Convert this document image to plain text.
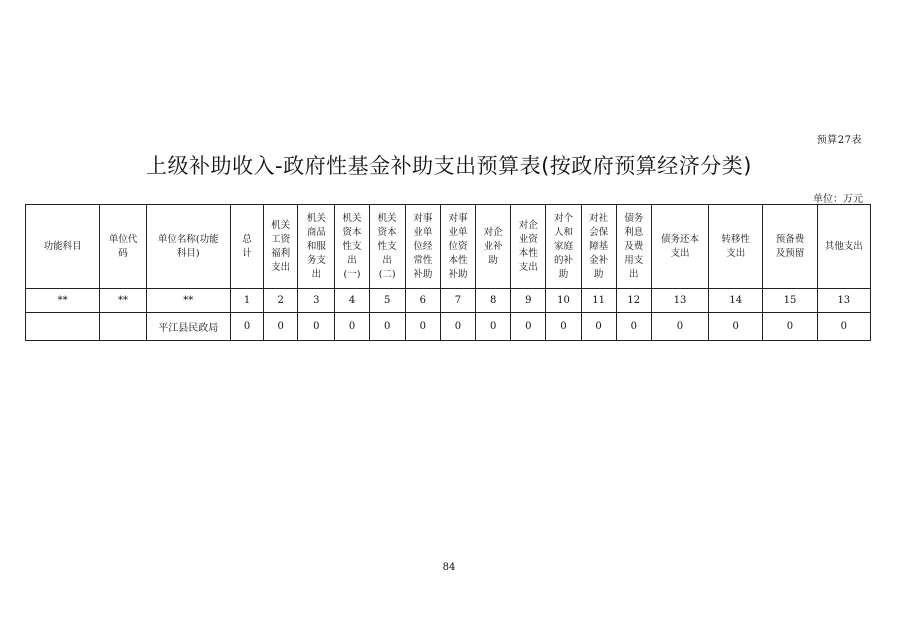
预算27表
上级补助收入-政府性基金补助支出预算表(按政府预算经济分类)
单位：万元
功能科目	单位代码	单位名称(功能科目)	总计	机关工资福利支出	机关商品和服务支出	机关资本性支出(一)	机关资本性支出(二)	对事业单位经常性补助	对事业单位资本性补助	对企业补助	对企业资本性支出	对个人和家庭的补助	对社会保障基金补助	债务利息及费用支出	债务还本支出	转移性支出	预备费及预留	其他支出
**	**	**	1	2	3	4	5	6	7	8	9	10	11	12	13	14	15	13
		平江县民政局	0	0	0	0	0	0	0	0	0	0	0	0	0	0	0	0
84
